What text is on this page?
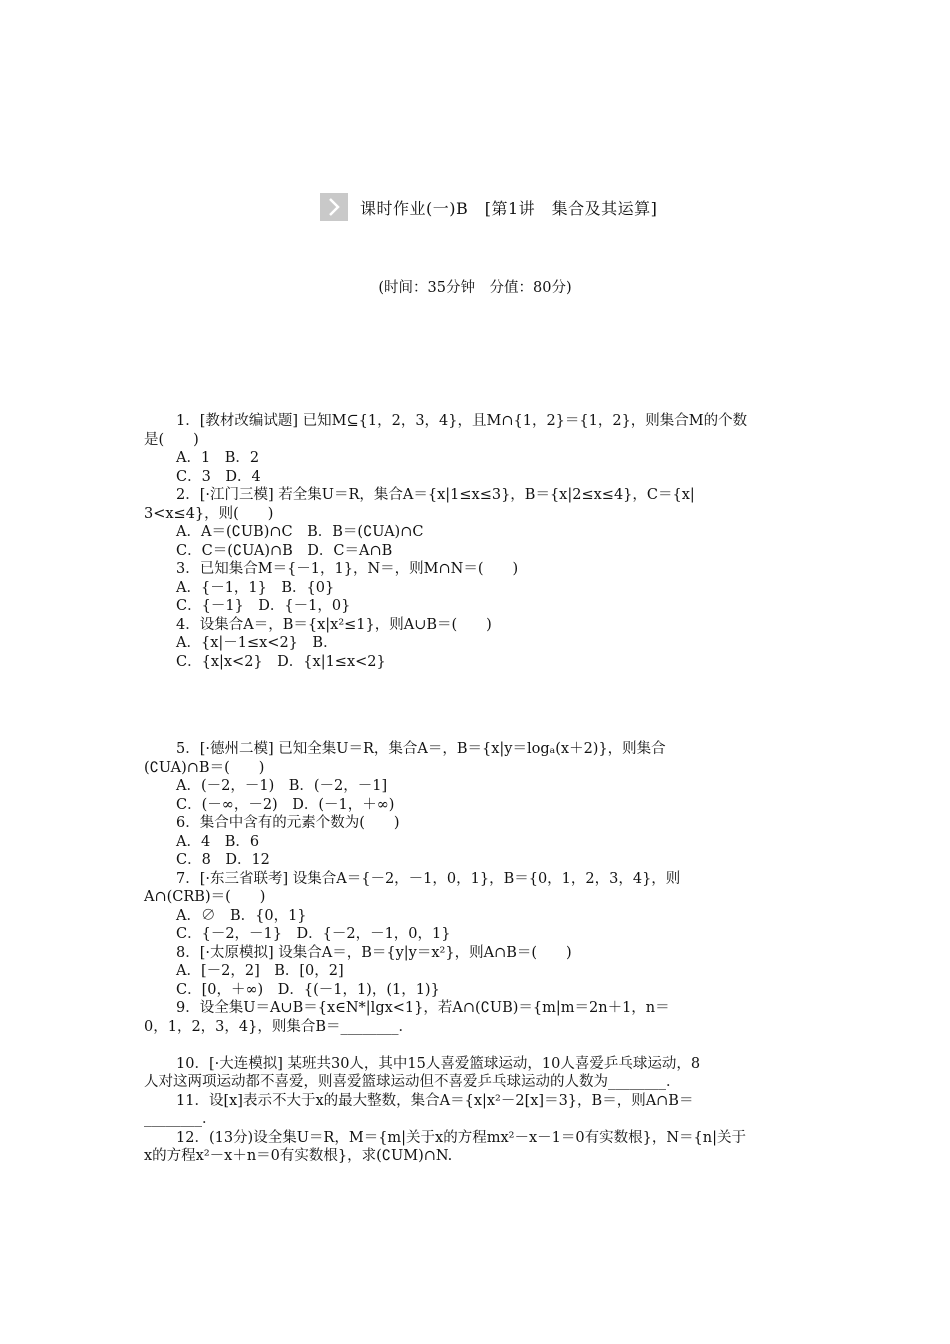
课时作业(一)B　[第1讲　集合及其运算]
(时间：35分钟　分值：80分)
1．[教材改编试题] 已知M⊆{1，2，3，4}，且M∩{1，2}＝{1，2}，则集合M的个数
是(　　)
A．1　B．2
C．3　D．4
2．[·江门三模] 若全集U＝R，集合A＝{x|1≤x≤3}，B＝{x|2≤x≤4}，C＝{x|
3<x≤4}，则(　　)
A．A＝(∁UB)∩C　B．B＝(∁UA)∩C
C．C＝(∁UA)∩B　D．C＝A∩B
3．已知集合M＝{－1，1}，N＝，则M∩N＝(　　)
A．{－1，1}　B．{0}
C．{－1}　D．{－1，0}
4．设集合A＝，B＝{x|x²≤1}，则A∪B＝(　　)
A．{x|－1≤x<2}　B．
C．{x|x<2}　D．{x|1≤x<2}
5．[·德州二模] 已知全集U＝R，集合A＝，B＝{x|y＝logₐ(x＋2)}，则集合
(∁UA)∩B＝(　　)
A．(－2，－1)　B．(－2，－1]
C．(－∞，－2)　D．(－1，＋∞)
6．集合中含有的元素个数为(　　)
A．4　B．6
C．8　D．12
7．[·东三省联考] 设集合A＝{－2，－1，0，1}，B＝{0，1，2，3，4}，则
A∩(CRB)＝(　　)
A．∅　B．{0，1}
C．{－2，－1}　D．{－2，－1，0，1}
8．[·太原模拟] 设集合A＝，B＝{y|y＝x²}，则A∩B＝(　　)
A．[－2，2]　B．[0，2]
C．[0，＋∞)　D．{(－1，1)，(1，1)}
9．设全集U＝A∪B＝{x∈N*|lgx<1}，若A∩(∁UB)＝{m|m＝2n＋1，n＝
0，1，2，3，4}，则集合B＝________．
10．[·大连模拟] 某班共30人，其中15人喜爱篮球运动，10人喜爱乒乓球运动，8
人对这两项运动都不喜爱，则喜爱篮球运动但不喜爱乒乓球运动的人数为________．
11．设[x]表示不大于x的最大整数，集合A＝{x|x²－2[x]＝3}，B＝，则A∩B＝
________．
12．(13分)设全集U＝R，M＝{m|关于x的方程mx²－x－1＝0有实数根}，N＝{n|关于
x的方程x²－x＋n＝0有实数根}，求(∁UM)∩N.
